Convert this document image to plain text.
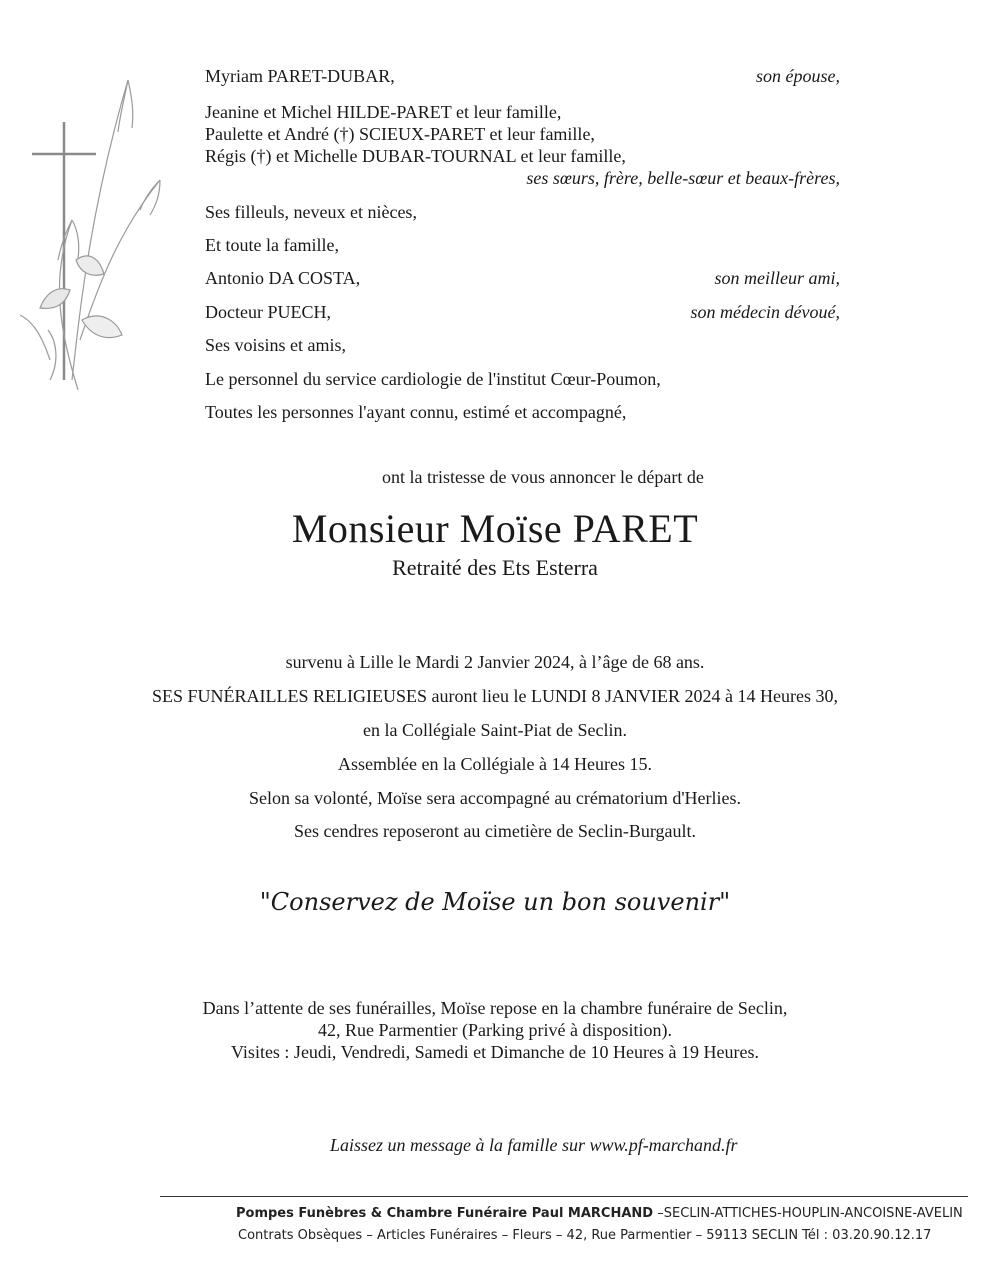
Myriam PARET-DUBAR,	son épouse,
Jeanine et Michel HILDE-PARET et leur famille,
Paulette et André (†) SCIEUX-PARET et leur famille,
Régis (†) et Michelle DUBAR-TOURNAL et leur famille,
ses sœurs, frère, belle-sœur et beaux-frères,
Ses filleuls, neveux et nièces,
Et toute la famille,
Antonio DA COSTA,	son meilleur ami,
Docteur PUECH,	son médecin dévoué,
Ses voisins et amis,
Le personnel du service cardiologie de l'institut Cœur-Poumon,
Toutes les personnes l'ayant connu, estimé et accompagné,
ont la tristesse de vous annoncer le départ de
Monsieur Moïse PARET
Retraité des Ets Esterra
survenu à Lille le Mardi 2 Janvier 2024, à l’âge de 68 ans.
SES FUNÉRAILLES RELIGIEUSES auront lieu le LUNDI 8 JANVIER 2024 à 14 Heures 30,
en la Collégiale Saint-Piat de Seclin.
Assemblée en la Collégiale à 14 Heures 15.
Selon sa volonté, Moïse sera accompagné au crématorium d'Herlies.
Ses cendres reposeront au cimetière de Seclin-Burgault.
"Conservez de Moïse un bon souvenir"
Dans l’attente de ses funérailles, Moïse repose en la chambre funéraire de Seclin,
42, Rue Parmentier (Parking privé à disposition).
Visites : Jeudi, Vendredi, Samedi et Dimanche de 10 Heures à 19 Heures.
Laissez un message à la famille sur www.pf-marchand.fr
Pompes Funèbres & Chambre Funéraire Paul MARCHAND –SECLIN-ATTICHES-HOUPLIN-ANCOISNE-AVELIN
Contrats Obsèques – Articles Funéraires – Fleurs – 42, Rue Parmentier – 59113 SECLIN Tél : 03.20.90.12.17
